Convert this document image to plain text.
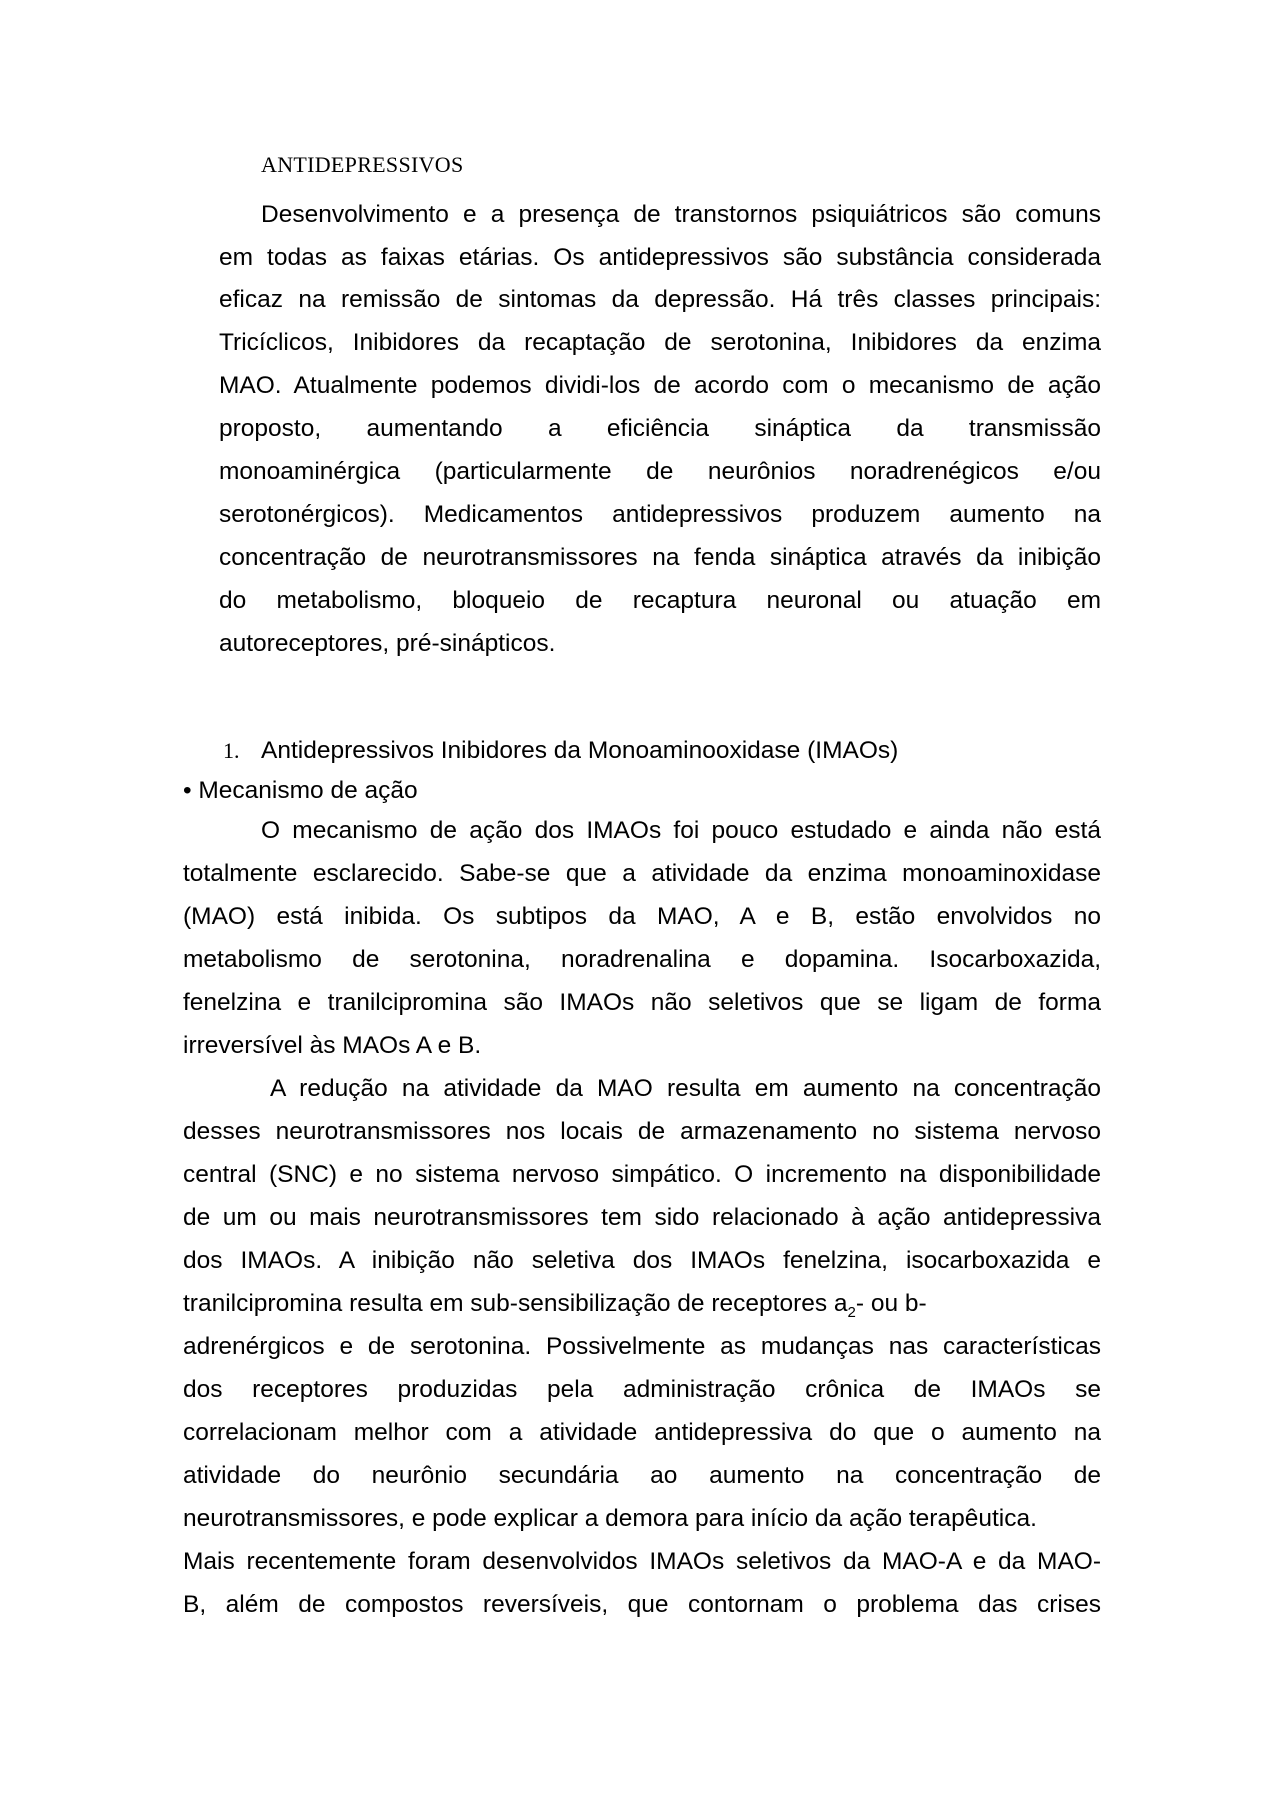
ANTIDEPRESSIVOS
Desenvolvimento e a presença de transtornos psiquiátricos são comuns
em todas as faixas etárias. Os antidepressivos são substância considerada
eficaz na remissão de sintomas da depressão. Há três classes principais:
Tricíclicos, Inibidores da recaptação de serotonina, Inibidores da enzima
MAO. Atualmente podemos dividi-los de acordo com o mecanismo de ação
proposto, aumentando a eficiência sináptica da transmissão
monoaminérgica (particularmente de neurônios noradrenégicos e/ou
serotonérgicos). Medicamentos antidepressivos produzem aumento na
concentração de neurotransmissores na fenda sináptica através da inibição
do metabolismo, bloqueio de recaptura neuronal ou atuação em
autoreceptores, pré-sinápticos.
1. Antidepressivos Inibidores da Monoaminooxidase (IMAOs)
• Mecanismo de ação
O mecanismo de ação dos IMAOs foi pouco estudado e ainda não está
totalmente esclarecido. Sabe-se que a atividade da enzima monoaminoxidase
(MAO) está inibida. Os subtipos da MAO, A e B, estão envolvidos no
metabolismo de serotonina, noradrenalina e dopamina. Isocarboxazida,
fenelzina e tranilcipromina são IMAOs não seletivos que se ligam de forma
irreversível às MAOs A e B.
A redução na atividade da MAO resulta em aumento na concentração
desses neurotransmissores nos locais de armazenamento no sistema nervoso
central (SNC) e no sistema nervoso simpático. O incremento na disponibilidade
de um ou mais neurotransmissores tem sido relacionado à ação antidepressiva
dos IMAOs. A inibição não seletiva dos IMAOs fenelzina, isocarboxazida e
tranilcipromina resulta em sub-sensibilização de receptores $a_2-$ ou b-
adrenérgicos e de serotonina. Possivelmente as mudanças nas características
dos receptores produzidas pela administração crônica de IMAOs se
correlacionam melhor com a atividade antidepressiva do que o aumento na
atividade do neurônio secundária ao aumento na concentração de
neurotransmissores, e pode explicar a demora para início da ação terapêutica.
Mais recentemente foram desenvolvidos IMAOs seletivos da MAO-A e da MAO-
B, além de compostos reversíveis, que contornam o problema das crises
